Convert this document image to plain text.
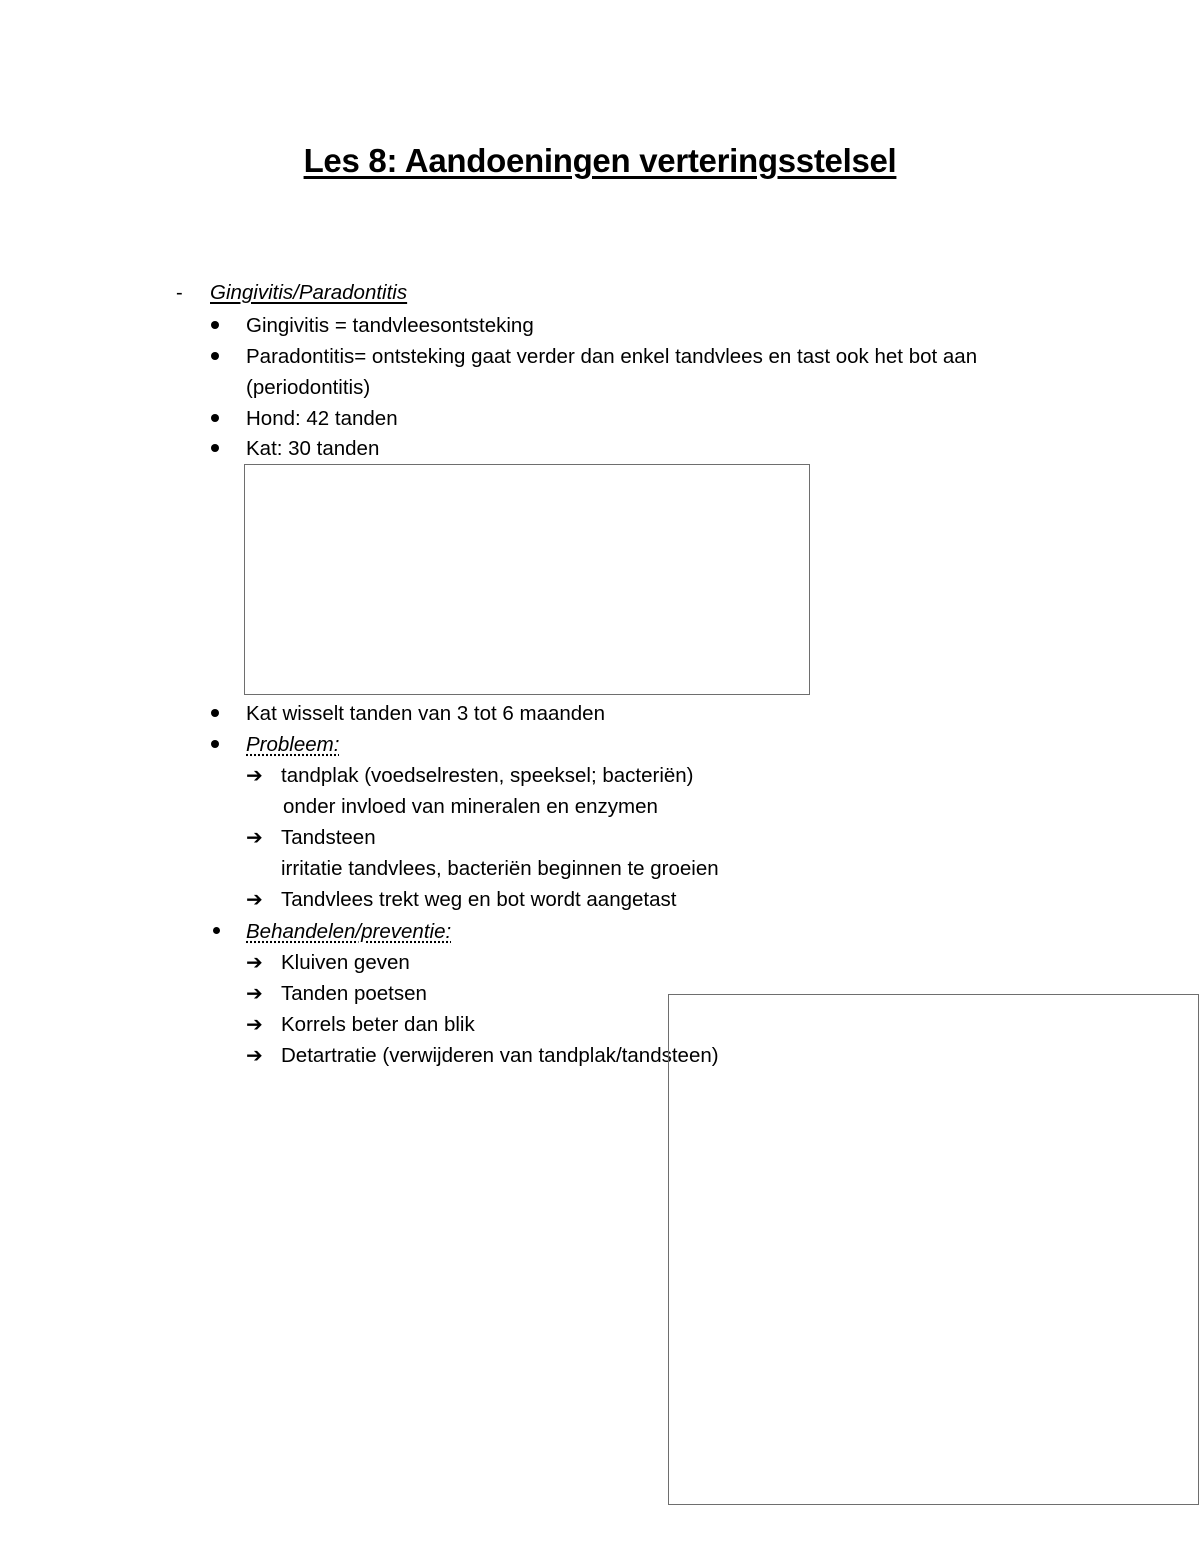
Les 8: Aandoeningen verteringsstelsel
- Gingivitis/Paradontitis
Gingivitis = tandvleesontsteking
Paradontitis= ontsteking gaat verder dan enkel tandvlees en tast ook het bot aan
(periodontitis)
Hond: 42 tanden
Kat: 30 tanden
Kat wisselt tanden van 3 tot 6 maanden
Probleem:
➔ tandplak (voedselresten, speeksel; bacteriën)
onder invloed van mineralen en enzymen
➔ Tandsteen
irritatie tandvlees, bacteriën beginnen te groeien
➔ Tandvlees trekt weg en bot wordt aangetast
Behandelen/preventie:
➔ Kluiven geven
➔ Tanden poetsen
➔ Korrels beter dan blik
➔ Detartratie (verwijderen van tandplak/tandsteen)
